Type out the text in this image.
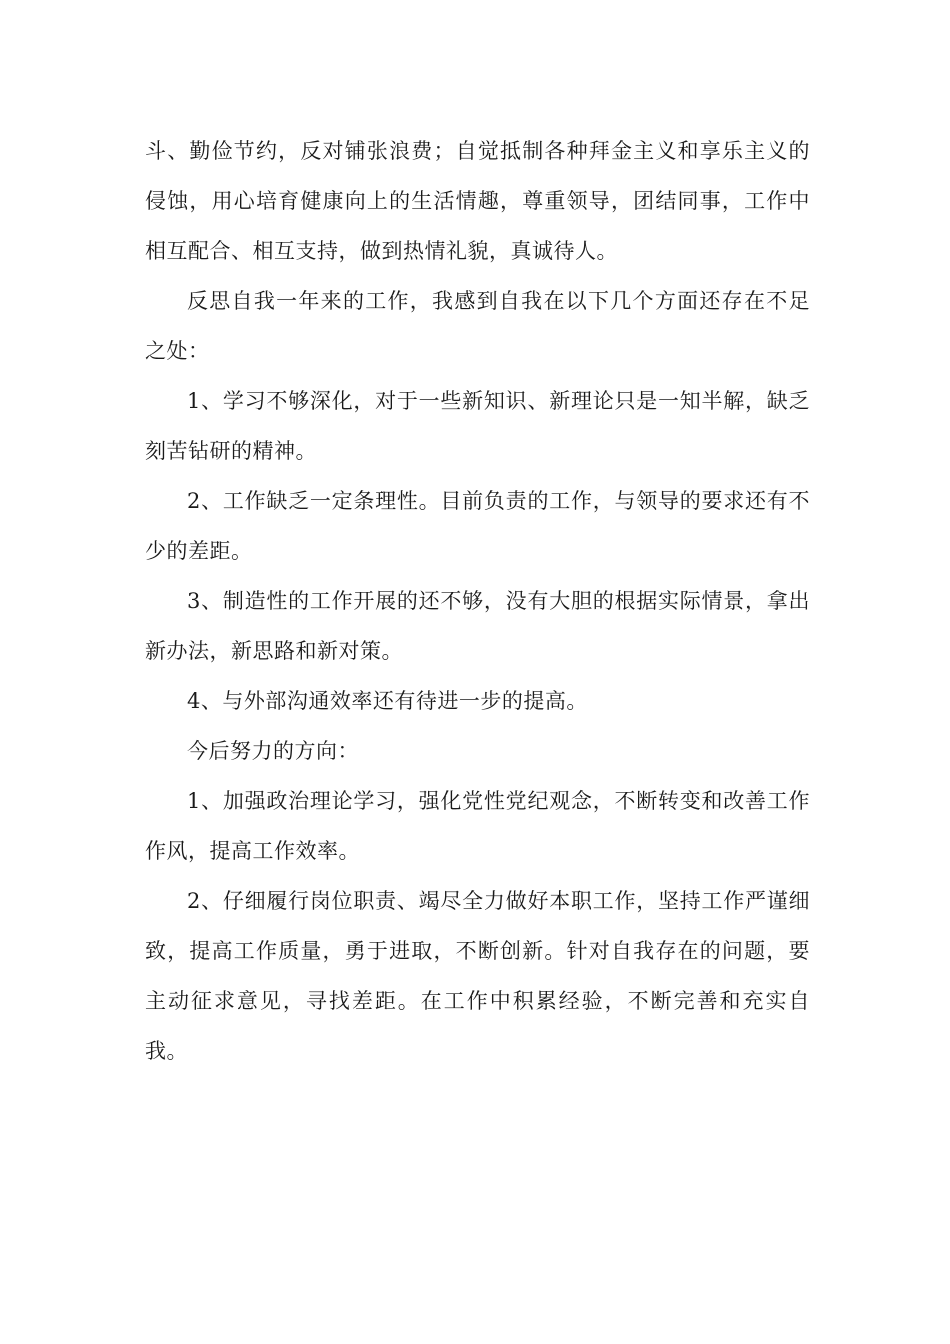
斗、勤俭节约，反对铺张浪费；自觉抵制各种拜金主义和享乐主义的侵蚀，用心培育健康向上的生活情趣，尊重领导，团结同事，工作中相互配合、相互支持，做到热情礼貌，真诚待人。

反思自我一年来的工作，我感到自我在以下几个方面还存在不足之处：

1、学习不够深化，对于一些新知识、新理论只是一知半解，缺乏刻苦钻研的精神。

2、工作缺乏一定条理性。目前负责的工作，与领导的要求还有不少的差距。

3、制造性的工作开展的还不够，没有大胆的根据实际情景，拿出新办法，新思路和新对策。

4、与外部沟通效率还有待进一步的提高。

今后努力的方向：

1、加强政治理论学习，强化党性党纪观念，不断转变和改善工作作风，提高工作效率。

2、仔细履行岗位职责、竭尽全力做好本职工作，坚持工作严谨细致，提高工作质量，勇于进取，不断创新。针对自我存在的问题，要主动征求意见，寻找差距。在工作中积累经验，不断完善和充实自我。
